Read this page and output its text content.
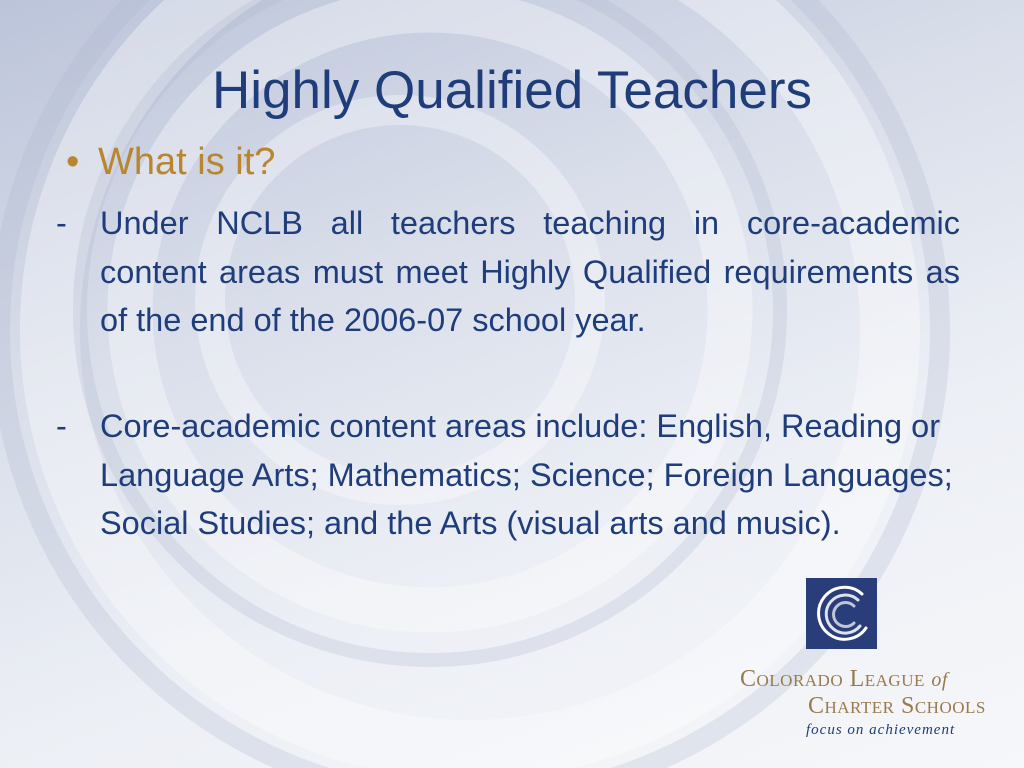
Highly Qualified Teachers
• What is it?
-	Under NCLB all teachers teaching in core-academic content areas must meet Highly Qualified requirements as of the end of the 2006-07 school year.
-	Core-academic content areas include: English, Reading or Language Arts; Mathematics; Science; Foreign Languages; Social Studies; and the Arts (visual arts and music).
Colorado League of
Charter Schools
focus on achievement
